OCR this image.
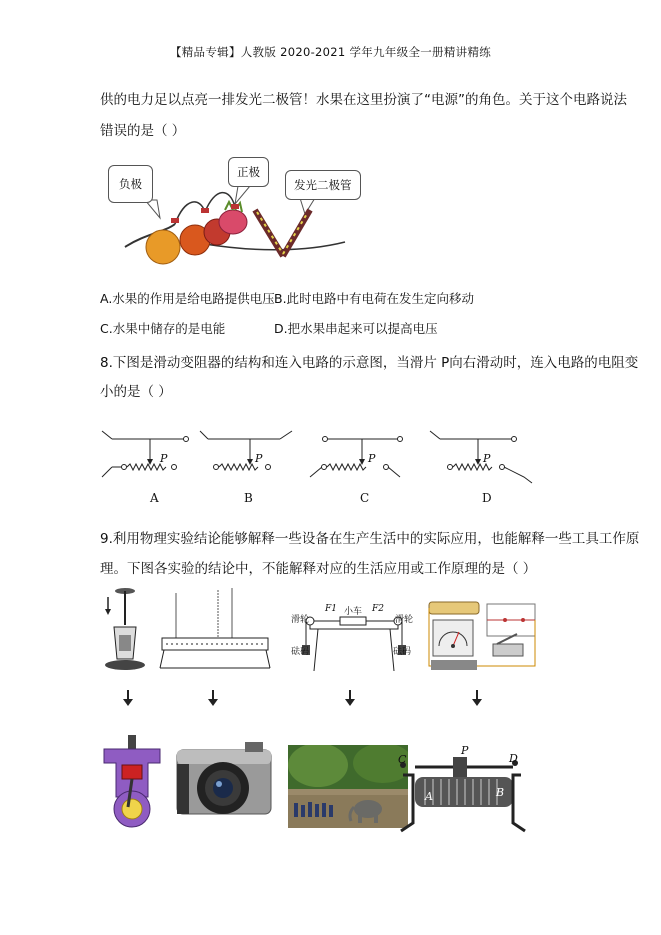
【精品专辑】人教版 2020-2021 学年九年级全一册精讲精练
供的电力足以点亮一排发光二极管！水果在这里扮演了“电源”的角色。关于这个电路说法
错误的是（ ）
负极
正极
发光二极管
A.水果的作用是给电路提供电压 B.此时电路中有电荷在发生定向移动
C.水果中储存的是电能	D.把水果串起来可以提高电压
8.下图是滑动变阻器的结构和连入电路的示意图，当滑片 P向右滑动时，连入电路的电阻变
小的是（ ）
P	P	P	P
A	B	C	D
9.利用物理实验结论能够解释一些设备在生产生活中的实际应用，也能解释一些工具工作原
理。下图各实验的结论中，不能解释对应的生活应用或工作原理的是（ ）
滑轮
小车
F1	F2
滑轮
砝码	砝码
C
P
D
A	B
